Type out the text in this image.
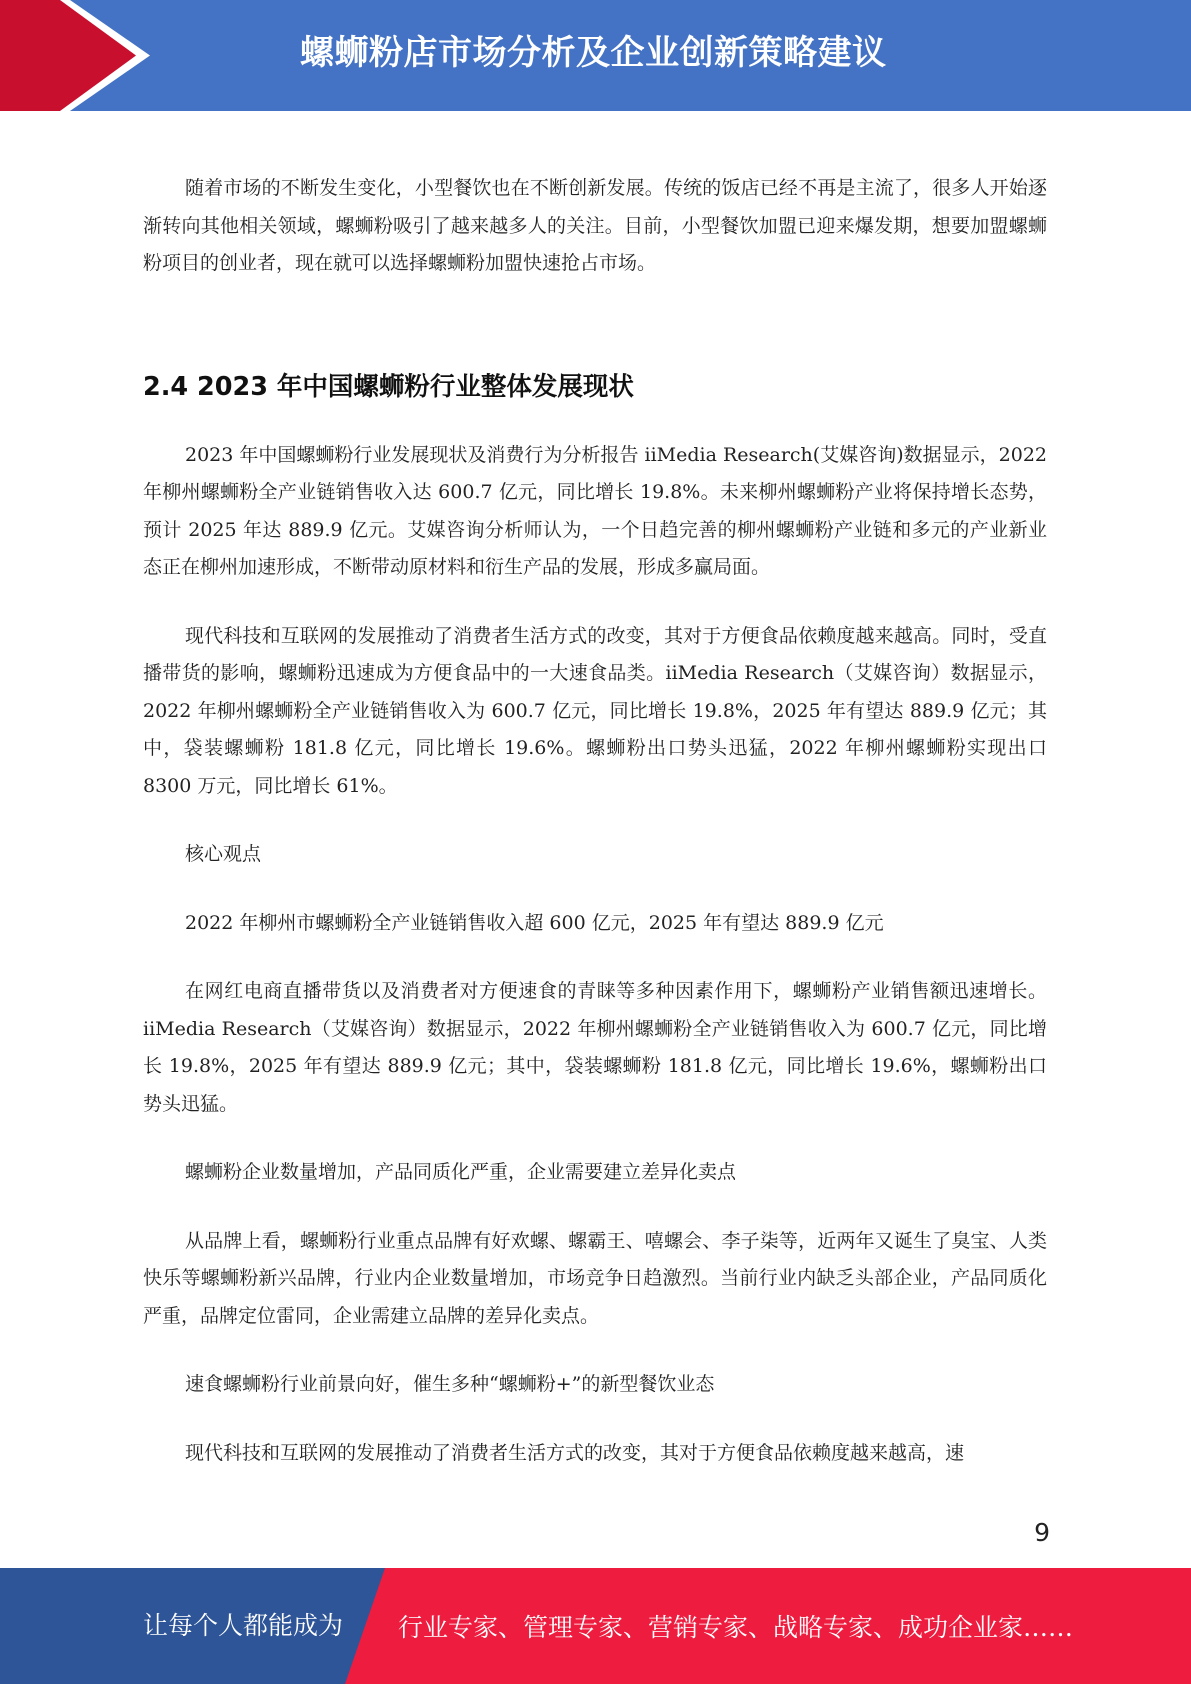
螺蛳粉店市场分析及企业创新策略建议

随着市场的不断发生变化，小型餐饮也在不断创新发展。传统的饭店已经不再是主流了，很多人开始逐渐转向其他相关领域，螺蛳粉吸引了越来越多人的关注。目前，小型餐饮加盟已迎来爆发期，想要加盟螺蛳粉项目的创业者，现在就可以选择螺蛳粉加盟快速抢占市场。

2.4 2023 年中国螺蛳粉行业整体发展现状

2023 年中国螺蛳粉行业发展现状及消费行为分析报告 iiMedia Research(艾媒咨询)数据显示，2022 年柳州螺蛳粉全产业链销售收入达 600.7 亿元，同比增长 19.8%。未来柳州螺蛳粉产业将保持增长态势，预计 2025 年达 889.9 亿元。艾媒咨询分析师认为，一个日趋完善的柳州螺蛳粉产业链和多元的产业新业态正在柳州加速形成，不断带动原材料和衍生产品的发展，形成多赢局面。

现代科技和互联网的发展推动了消费者生活方式的改变，其对于方便食品依赖度越来越高。同时，受直播带货的影响，螺蛳粉迅速成为方便食品中的一大速食品类。iiMedia Research（艾媒咨询）数据显示，2022 年柳州螺蛳粉全产业链销售收入为 600.7 亿元，同比增长 19.8%，2025 年有望达 889.9 亿元；其中，袋装螺蛳粉 181.8 亿元，同比增长 19.6%。螺蛳粉出口势头迅猛，2022 年柳州螺蛳粉实现出口 8300 万元，同比增长 61%。

核心观点

2022 年柳州市螺蛳粉全产业链销售收入超 600 亿元，2025 年有望达 889.9 亿元

在网红电商直播带货以及消费者对方便速食的青睐等多种因素作用下，螺蛳粉产业销售额迅速增长。iiMedia Research（艾媒咨询）数据显示，2022 年柳州螺蛳粉全产业链销售收入为 600.7 亿元，同比增长 19.8%，2025 年有望达 889.9 亿元；其中，袋装螺蛳粉 181.8 亿元，同比增长 19.6%，螺蛳粉出口势头迅猛。

螺蛳粉企业数量增加，产品同质化严重，企业需要建立差异化卖点

从品牌上看，螺蛳粉行业重点品牌有好欢螺、螺霸王、嘻螺会、李子柒等，近两年又诞生了臭宝、人类快乐等螺蛳粉新兴品牌，行业内企业数量增加，市场竞争日趋激烈。当前行业内缺乏头部企业，产品同质化严重，品牌定位雷同，企业需建立品牌的差异化卖点。

速食螺蛳粉行业前景向好，催生多种“螺蛳粉+”的新型餐饮业态

现代科技和互联网的发展推动了消费者生活方式的改变，其对于方便食品依赖度越来越高，速

9
让每个人都能成为 行业专家、管理专家、营销专家、战略专家、成功企业家……
